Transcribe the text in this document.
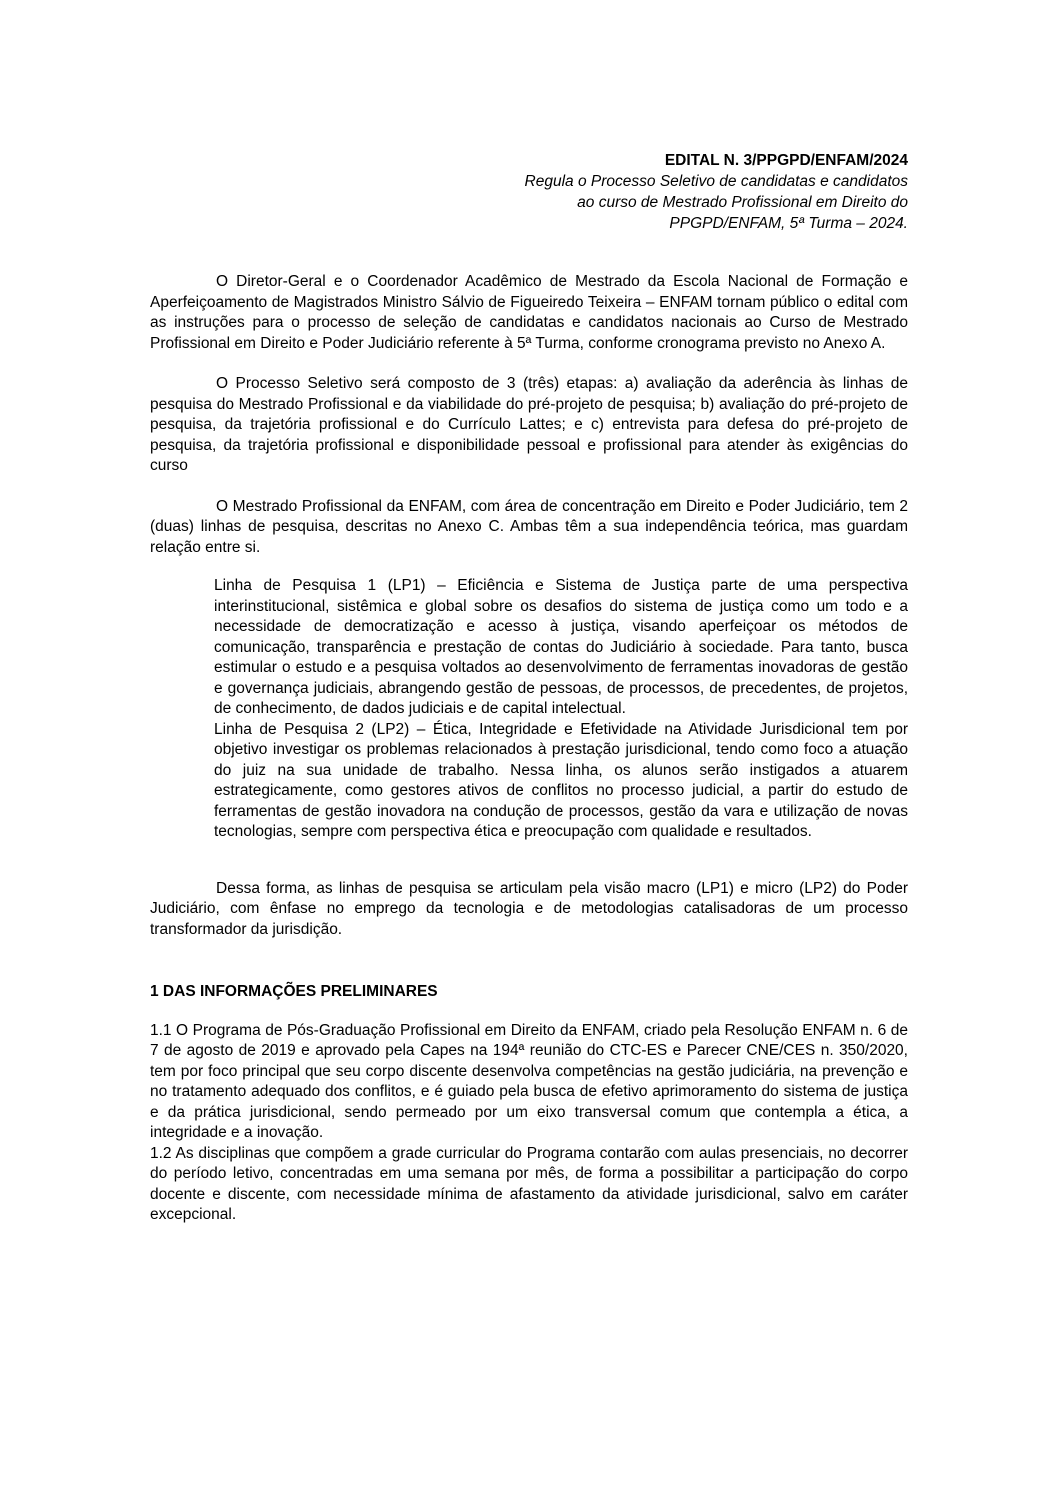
EDITAL N. 3/PPGPD/ENFAM/2024
Regula o Processo Seletivo de candidatas e candidatos
ao curso de Mestrado Profissional em Direito do
PPGPD/ENFAM, 5ª Turma – 2024.

O Diretor-Geral e o Coordenador Acadêmico de Mestrado da Escola Nacional de Formação e Aperfeiçoamento de Magistrados Ministro Sálvio de Figueiredo Teixeira – ENFAM tornam público o edital com as instruções para o processo de seleção de candidatas e candidatos nacionais ao Curso de Mestrado Profissional em Direito e Poder Judiciário referente à 5ª Turma, conforme cronograma previsto no Anexo A.

O Processo Seletivo será composto de 3 (três) etapas: a) avaliação da aderência às linhas de pesquisa do Mestrado Profissional e da viabilidade do pré-projeto de pesquisa; b) avaliação do pré-projeto de pesquisa, da trajetória profissional e do Currículo Lattes; e c) entrevista para defesa do pré-projeto de pesquisa, da trajetória profissional e disponibilidade pessoal e profissional para atender às exigências do curso

O Mestrado Profissional da ENFAM, com área de concentração em Direito e Poder Judiciário, tem 2 (duas) linhas de pesquisa, descritas no Anexo C. Ambas têm a sua independência teórica, mas guardam relação entre si.

Linha de Pesquisa 1 (LP1) – Eficiência e Sistema de Justiça parte de uma perspectiva interinstitucional, sistêmica e global sobre os desafios do sistema de justiça como um todo e a necessidade de democratização e acesso à justiça, visando aperfeiçoar os métodos de comunicação, transparência e prestação de contas do Judiciário à sociedade. Para tanto, busca estimular o estudo e a pesquisa voltados ao desenvolvimento de ferramentas inovadoras de gestão e governança judiciais, abrangendo gestão de pessoas, de processos, de precedentes, de projetos, de conhecimento, de dados judiciais e de capital intelectual.

Linha de Pesquisa 2 (LP2) – Ética, Integridade e Efetividade na Atividade Jurisdicional tem por objetivo investigar os problemas relacionados à prestação jurisdicional, tendo como foco a atuação do juiz na sua unidade de trabalho. Nessa linha, os alunos serão instigados a atuarem estrategicamente, como gestores ativos de conflitos no processo judicial, a partir do estudo de ferramentas de gestão inovadora na condução de processos, gestão da vara e utilização de novas tecnologias, sempre com perspectiva ética e preocupação com qualidade e resultados.

Dessa forma, as linhas de pesquisa se articulam pela visão macro (LP1) e micro (LP2) do Poder Judiciário, com ênfase no emprego da tecnologia e de metodologias catalisadoras de um processo transformador da jurisdição.

1 DAS INFORMAÇÕES PRELIMINARES

1.1 O Programa de Pós-Graduação Profissional em Direito da ENFAM, criado pela Resolução ENFAM n. 6 de 7 de agosto de 2019 e aprovado pela Capes na 194ª reunião do CTC-ES e Parecer CNE/CES n. 350/2020, tem por foco principal que seu corpo discente desenvolva competências na gestão judiciária, na prevenção e no tratamento adequado dos conflitos, e é guiado pela busca de efetivo aprimoramento do sistema de justiça e da prática jurisdicional, sendo permeado por um eixo transversal comum que contempla a ética, a integridade e a inovação.

1.2 As disciplinas que compõem a grade curricular do Programa contarão com aulas presenciais, no decorrer do período letivo, concentradas em uma semana por mês, de forma a possibilitar a participação do corpo docente e discente, com necessidade mínima de afastamento da atividade jurisdicional, salvo em caráter excepcional.
